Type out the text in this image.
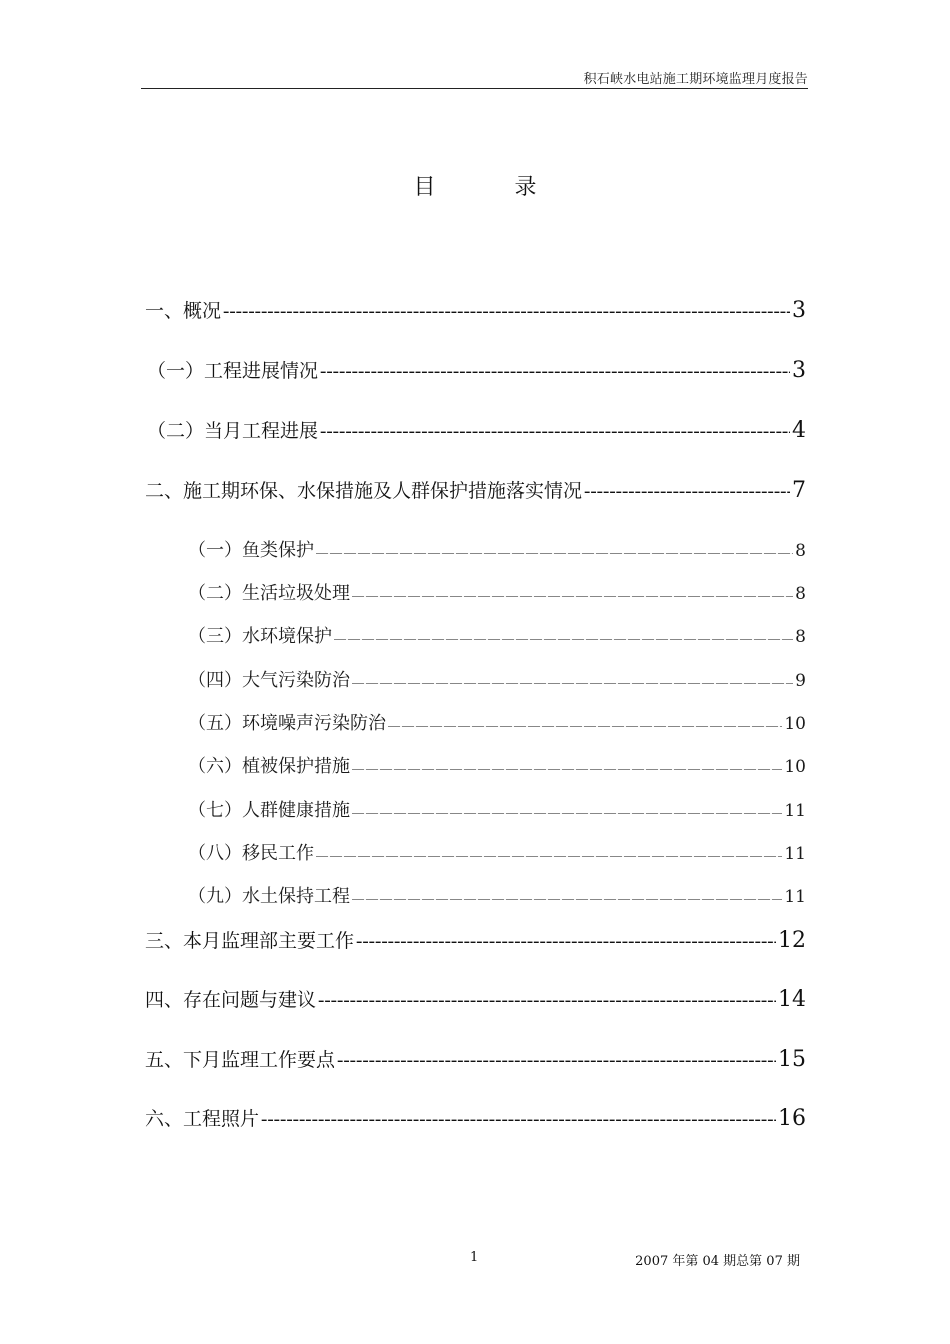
积石峡水电站施工期环境监理月度报告
目 录
一、概况 -----	3
（一）工程进展情况 -----	3
（二）当月工程进展 -----	4
二、施工期环保、水保措施及人群保护措施落实情况 -----	7
（一）鱼类保护 ――――――――――――――――――――――――――――――――――――――――――――――――――――――――――――――――――――――――――――――――――――――――――――――――――	8
（二）生活垃圾处理 ――――――――――――――――――――――――――――――――――――――――――――――――――――――――――――――――――――――――――――――――――――――――――――――――――	8
（三）水环境保护 ――――――――――――――――――――――――――――――――――――――――――――――――――――――――――――――――――――――――――――――――――――――――――――――――――	8
（四）大气污染防治 ――――――――――――――――――――――――――――――――――――――――――――――――――――――――――――――――――――――――――――――――――――――――――――――――――	9
（五）环境噪声污染防治 ――――――――――――――――――――――――――――――――――――――――――――――――――――――――――――――――――――――――――――――――――――――――――――――――――	10
（六）植被保护措施 ――――――――――――――――――――――――――――――――――――――――――――――――――――――――――――――――――――――――――――――――――――――――――――――――――	10
（七）人群健康措施 ――――――――――――――――――――――――――――――――――――――――――――――――――――――――――――――――――――――――――――――――――――――――――――――――――	11
（八）移民工作 ――――――――――――――――――――――――――――――――――――――――――――――――――――――――――――――――――――――――――――――――――――――――――――――――――	11
（九）水土保持工程 ――――――――――――――――――――――――――――――――――――――――――――――――――――――――――――――――――――――――――――――――――――――――――――――――――	11
三、本月监理部主要工作 -----	12
四、存在问题与建议 -----	14
五、下月监理工作要点 -----	15
六、工程照片 -----	16
1	2007 年第 04 期总第 07 期
